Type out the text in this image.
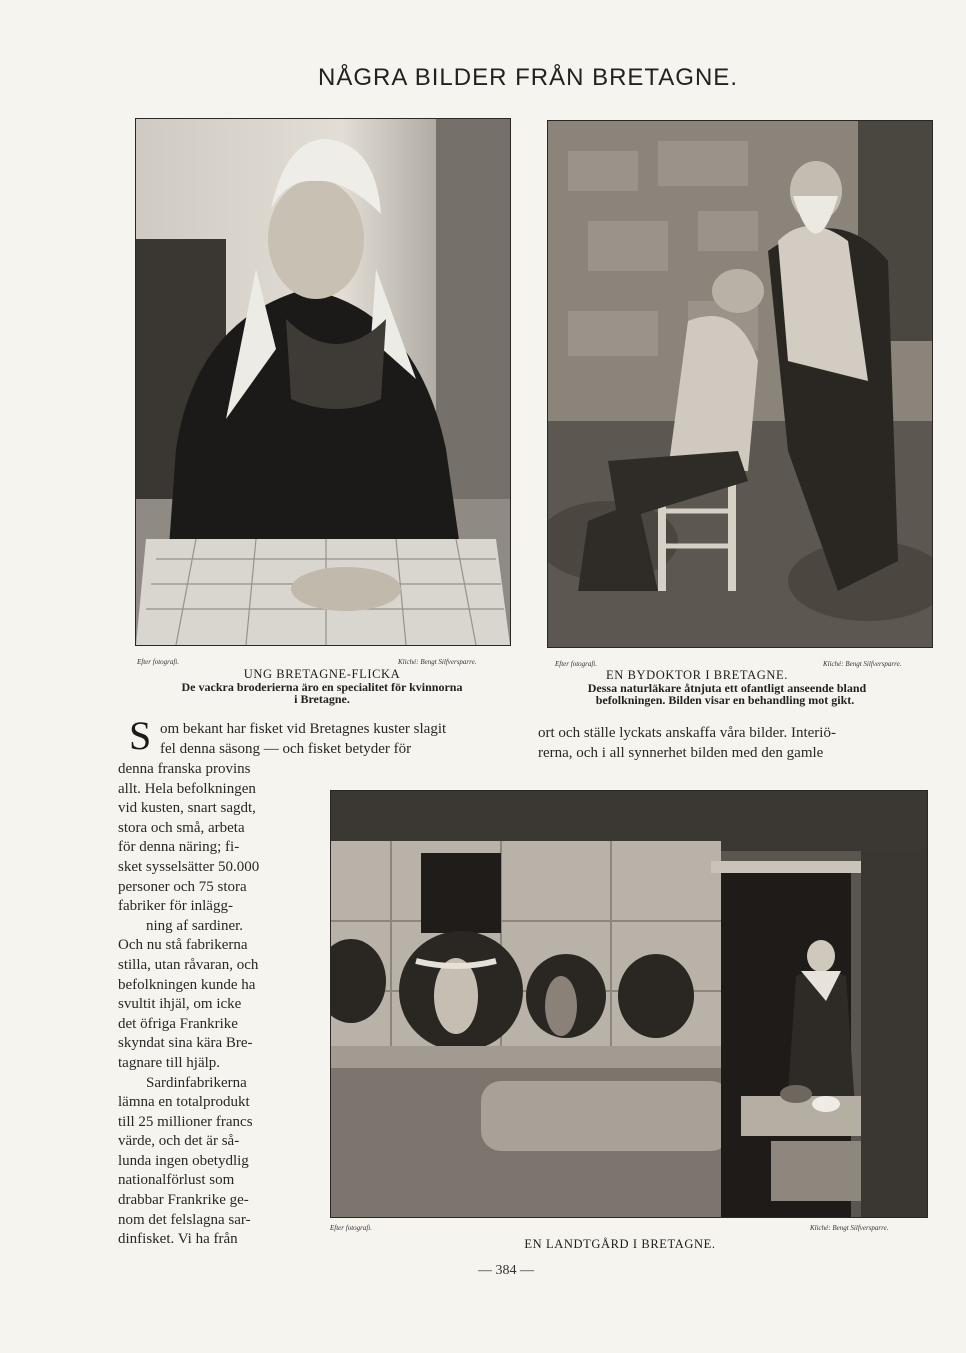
NÅGRA BILDER FRÅN BRETAGNE.
Efter fotografi.	Kliché: Bengt Silfversparre.
UNG BRETAGNE-FLICKA
De vackra broderierna äro en specialitet för kvinnorna
i Bretagne.
Efter fotografi.	Kliché: Bengt Silfversparre.
EN BYDOKTOR I BRETAGNE.
Dessa naturläkare åtnjuta ett ofantligt anseende bland
befolkningen. Bilden visar en behandling mot gikt.
S om bekant har fisket vid Bretagnes kuster slagit
fel denna säsong — och fisket betyder för
denna franska provins
allt. Hela befolkningen
vid kusten, snart sagdt,
stora och små, arbeta
för denna näring; fi-
sket sysselsätter 50.000
personer och 75 stora
fabriker för inlägg-
ning af sardiner.
Och nu stå fabrikerna
stilla, utan råvaran, och
befolkningen kunde ha
svultit ihjäl, om icke
det öfriga Frankrike
skyndat sina kära Bre-
tagnare till hjälp.
Sardinfabrikerna
lämna en totalprodukt
till 25 millioner francs
värde, och det är så-
lunda ingen obetydlig
nationalförlust som
drabbar Frankrike ge-
nom det felslagna sar-
dinfisket. Vi ha från
ort och ställe lyckats anskaffa våra bilder. Interiö-
rerna, och i all synnerhet bilden med den gamle
Efter fotografi.	Kliché: Bengt Silfversparre.
EN LANDTGÅRD I BRETAGNE.
— 384 —
